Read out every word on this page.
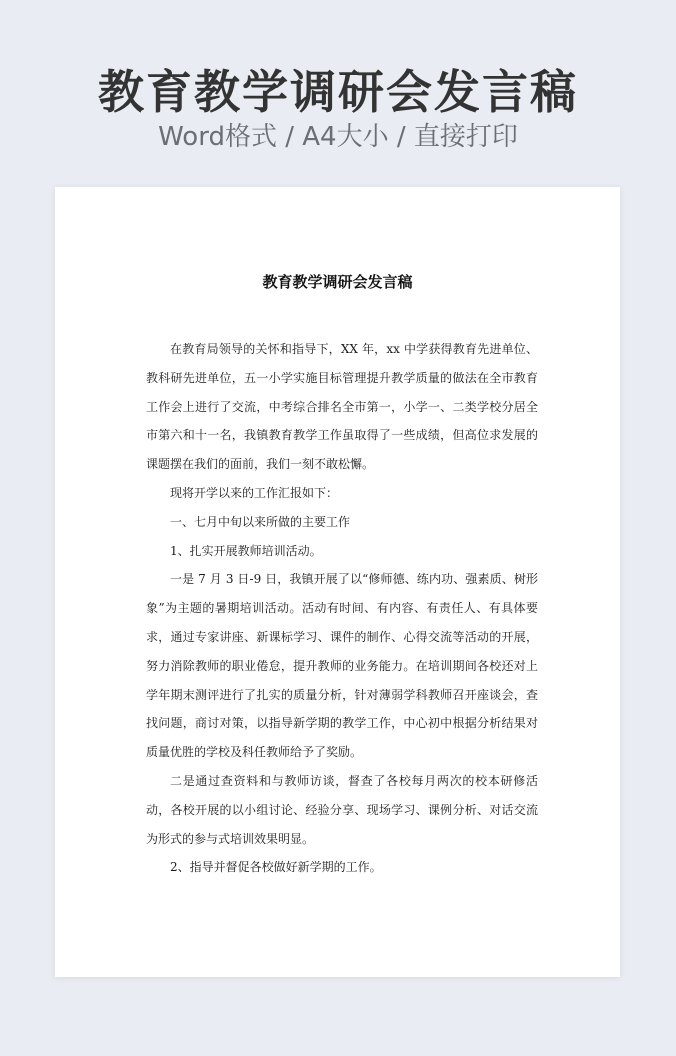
教育教学调研会发言稿
Word格式 / A4大小 / 直接打印
教育教学调研会发言稿

在教育局领导的关怀和指导下，XX 年，xx 中学获得教育先进单位、教科研先进单位，五一小学实施目标管理提升教学质量的做法在全市教育工作会上进行了交流，中考综合排名全市第一，小学一、二类学校分居全市第六和十一名，我镇教育教学工作虽取得了一些成绩，但高位求发展的课题摆在我们的面前，我们一刻不敢松懈。

现将开学以来的工作汇报如下：

一、七月中旬以来所做的主要工作

1、扎实开展教师培训活动。

一是 7 月 3 日-9 日，我镇开展了以“修师德、练内功、强素质、树形象”为主题的暑期培训活动。活动有时间、有内容、有责任人、有具体要求，通过专家讲座、新课标学习、课件的制作、心得交流等活动的开展，努力消除教师的职业倦怠，提升教师的业务能力。在培训期间各校还对上学年期末测评进行了扎实的质量分析，针对薄弱学科教师召开座谈会，查找问题，商讨对策，以指导新学期的教学工作，中心初中根据分析结果对质量优胜的学校及科任教师给予了奖励。

二是通过查资料和与教师访谈，督查了各校每月两次的校本研修活动，各校开展的以小组讨论、经验分享、现场学习、课例分析、对话交流为形式的参与式培训效果明显。

2、指导并督促各校做好新学期的工作。
